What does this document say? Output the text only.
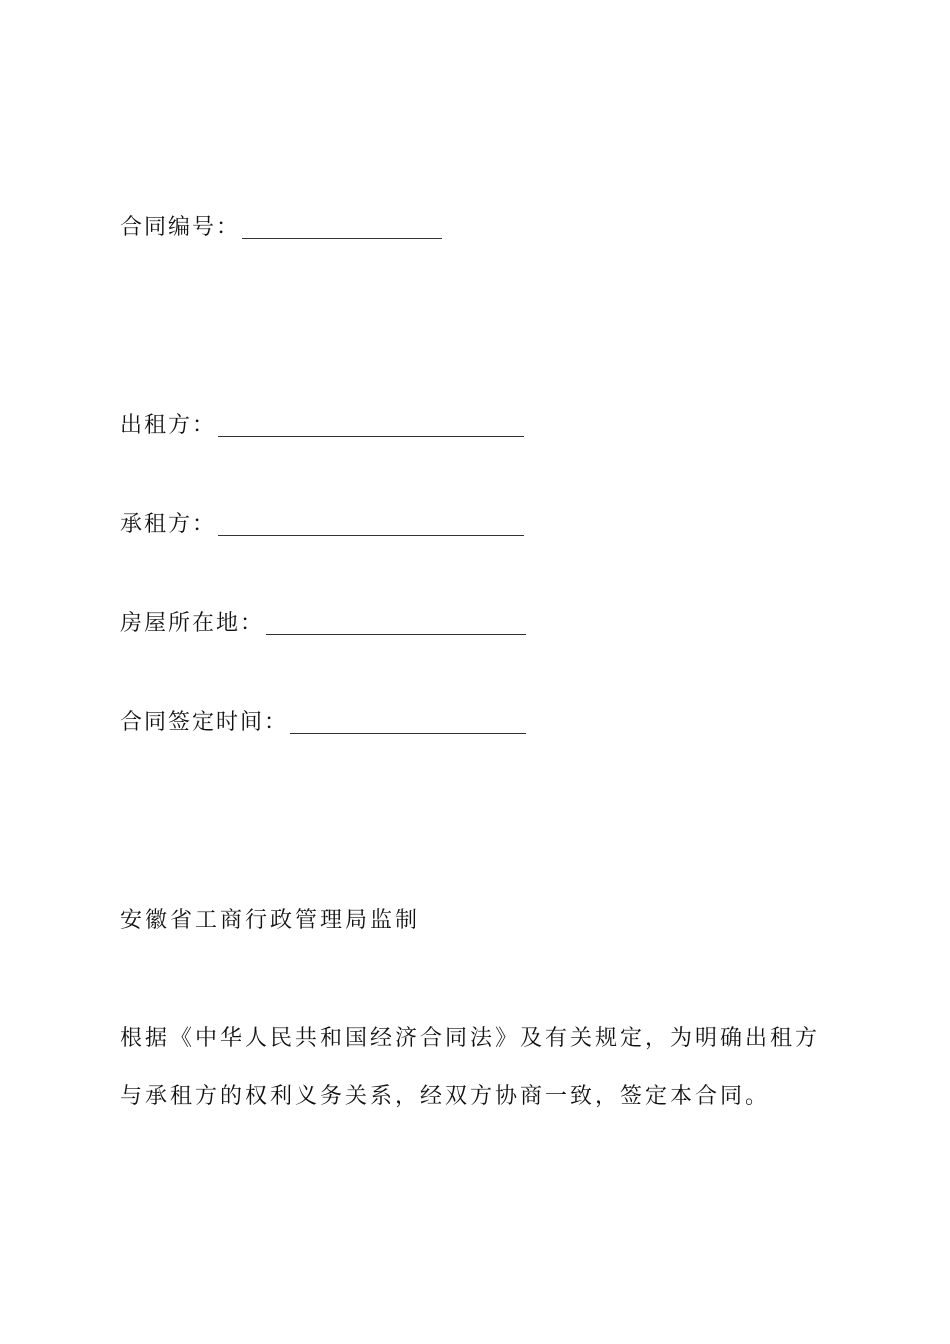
合同编号：
出租方：
承租方：
房屋所在地：
合同签定时间：
安徽省工商行政管理局监制

根据《中华人民共和国经济合同法》及有关规定，为明确出租方与承租方的权利义务关系，经双方协商一致，签定本合同。
